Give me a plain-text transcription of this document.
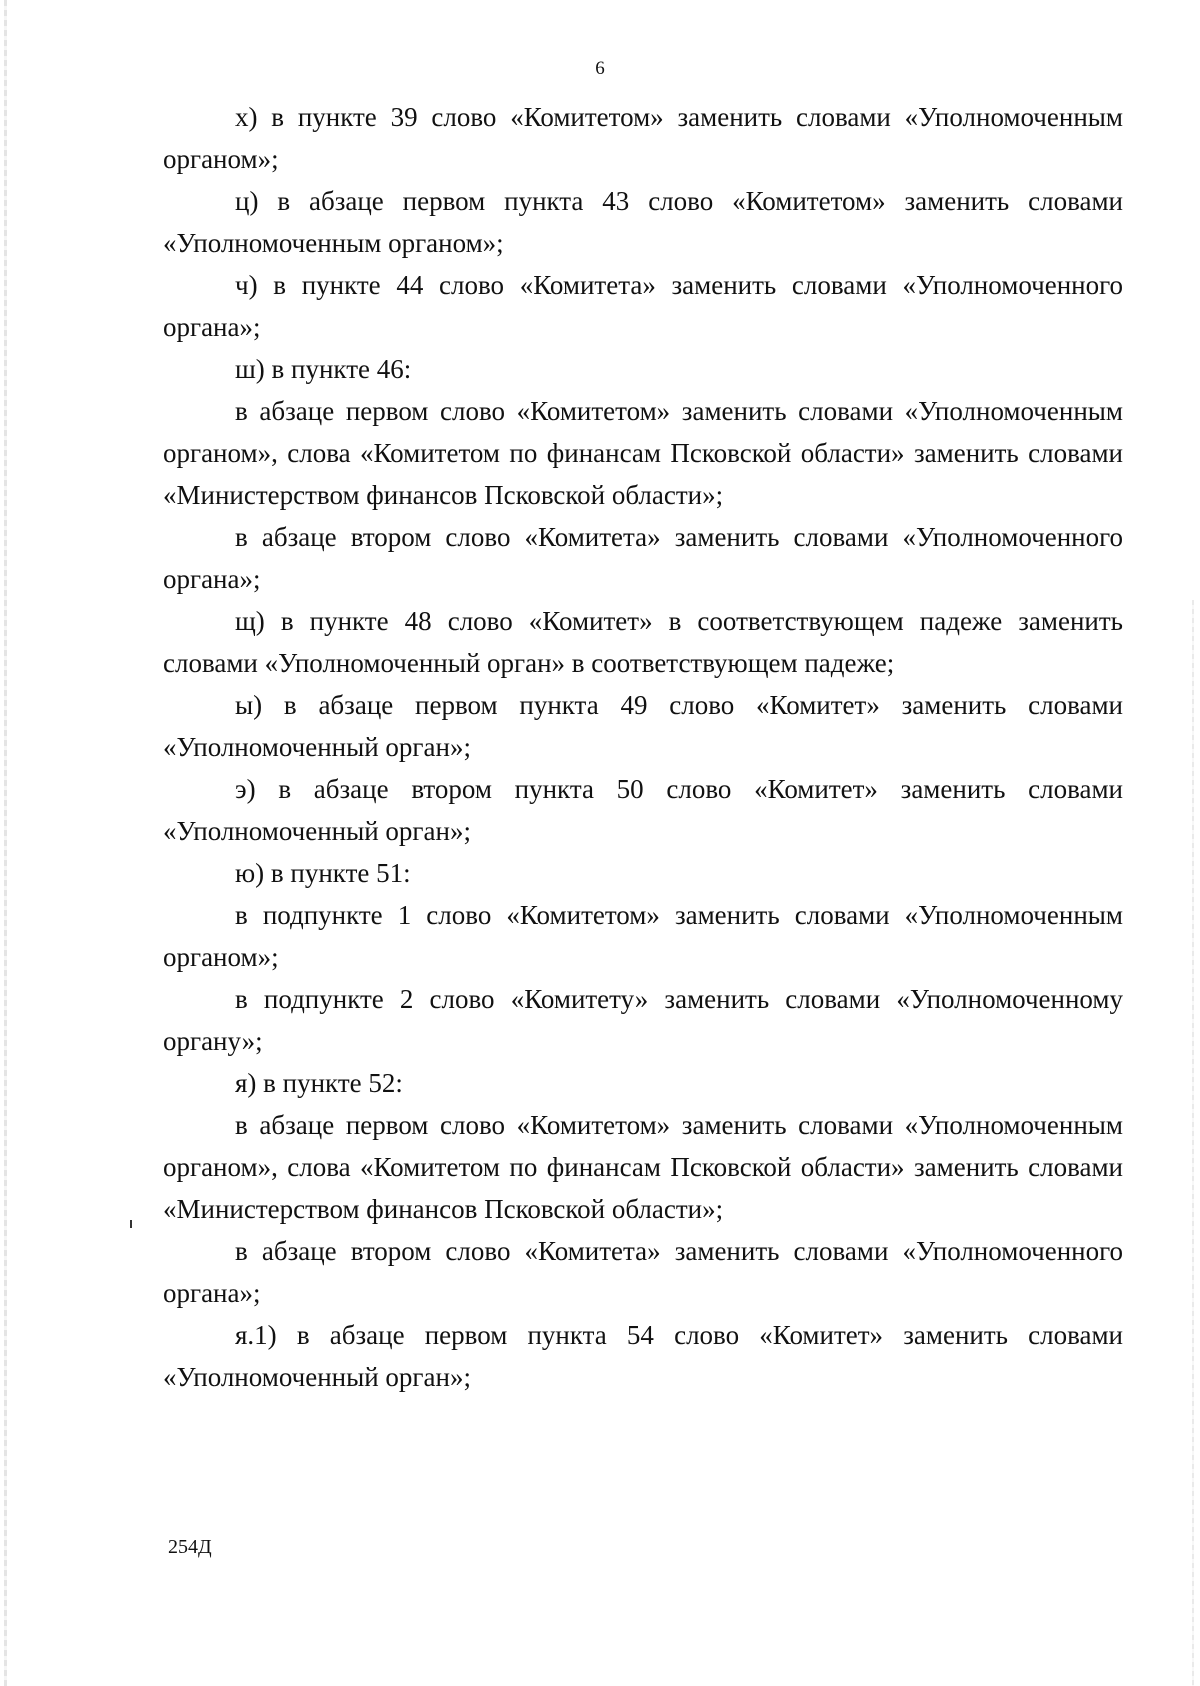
6

х) в пункте 39 слово «Комитетом» заменить словами «Уполномоченным органом»;

ц) в абзаце первом пункта 43 слово «Комитетом» заменить словами «Уполномоченным органом»;

ч) в пункте 44 слово «Комитета» заменить словами «Уполномоченного органа»;

ш) в пункте 46:

в абзаце первом слово «Комитетом» заменить словами «Уполномоченным органом», слова «Комитетом по финансам Псковской области» заменить словами «Министерством финансов Псковской области»;

в абзаце втором слово «Комитета» заменить словами «Уполномоченного органа»;

щ) в пункте 48 слово «Комитет» в соответствующем падеже заменить словами «Уполномоченный орган» в соответствующем падеже;

ы) в абзаце первом пункта 49 слово «Комитет» заменить словами «Уполномоченный орган»;

э) в абзаце втором пункта 50 слово «Комитет» заменить словами «Уполномоченный орган»;

ю) в пункте 51:

в подпункте 1 слово «Комитетом» заменить словами «Уполномоченным органом»;

в подпункте 2 слово «Комитету» заменить словами «Уполномоченному органу»;

я) в пункте 52:

в абзаце первом слово «Комитетом» заменить словами «Уполномоченным органом», слова «Комитетом по финансам Псковской области» заменить словами «Министерством финансов Псковской области»;

в абзаце втором слово «Комитета» заменить словами «Уполномоченного органа»;

я.1) в абзаце первом пункта 54 слово «Комитет» заменить словами «Уполномоченный орган»;

254Д
